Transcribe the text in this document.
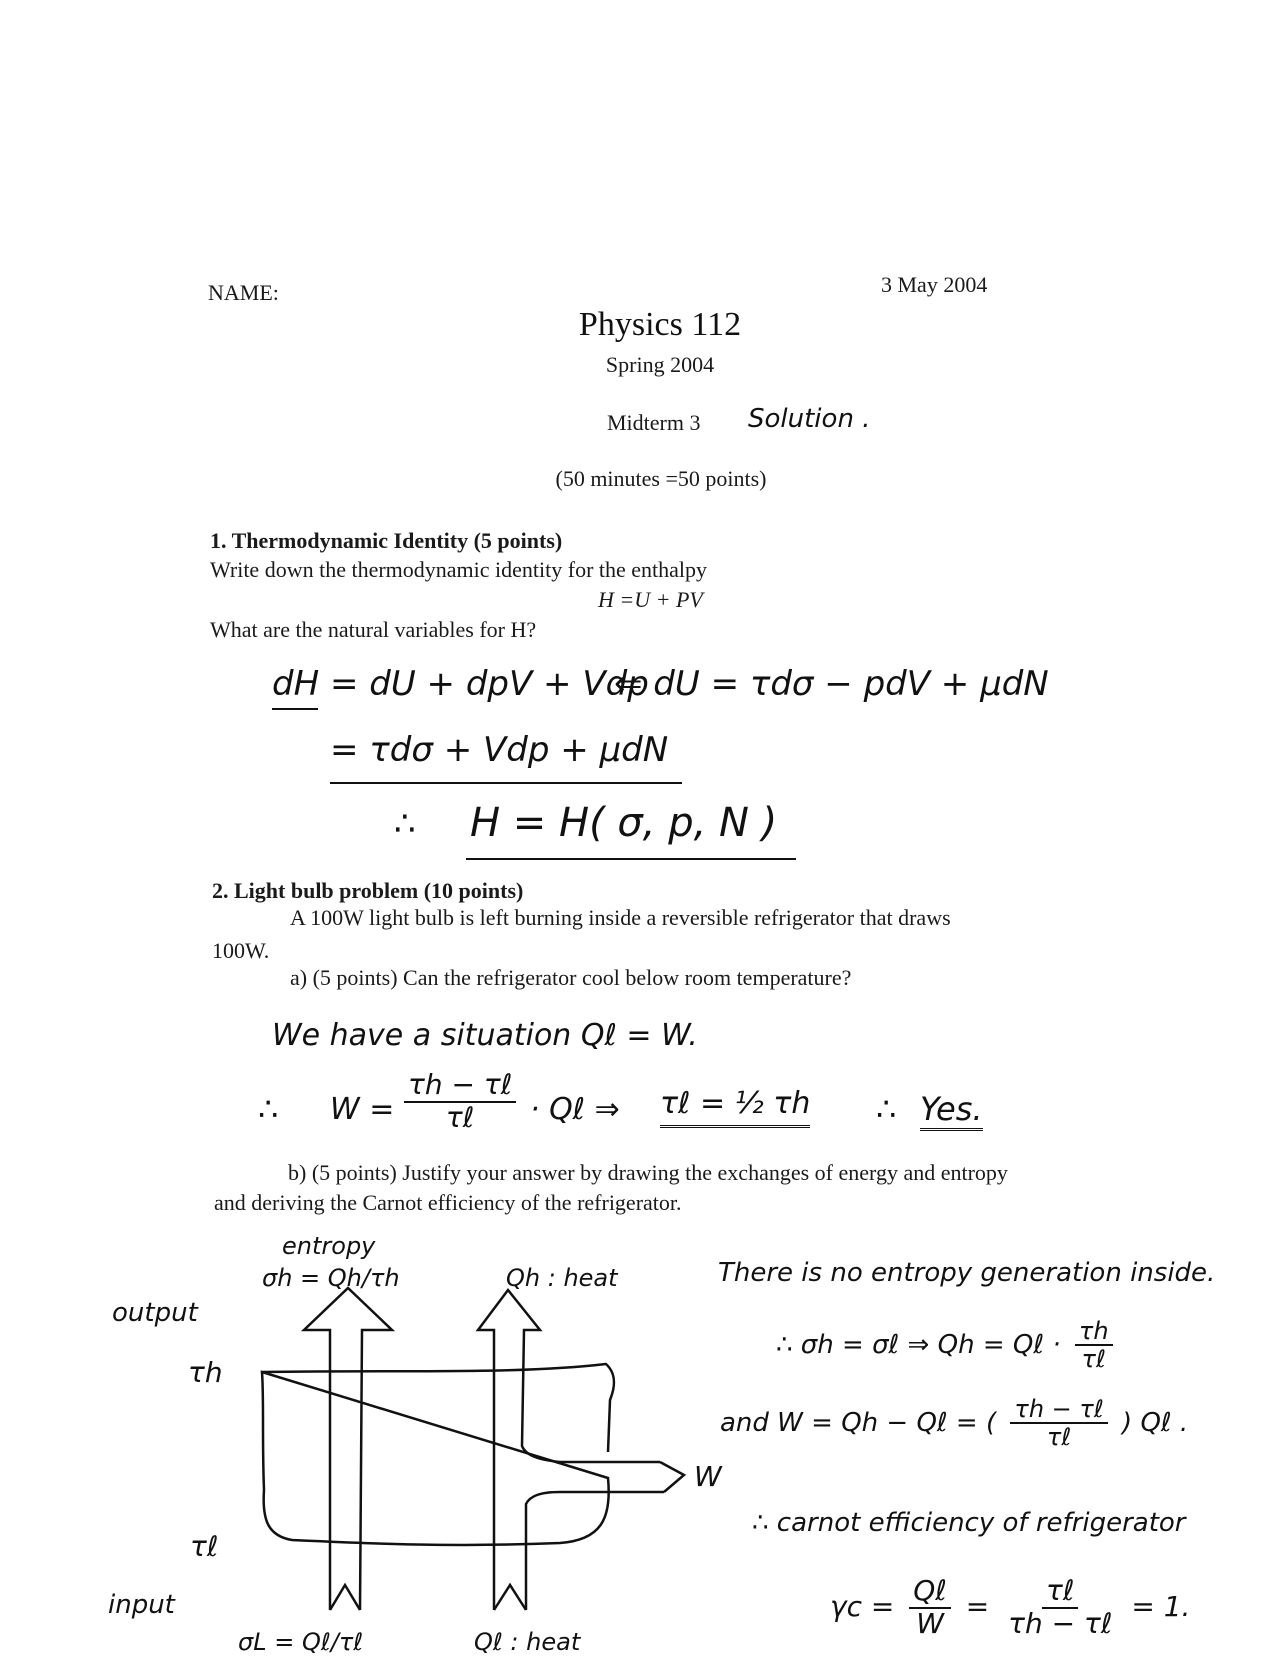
NAME:	3 May 2004
Physics 112
Spring 2004
Midterm 3 Solution .
(50 minutes =50 points)
1. Thermodynamic Identity (5 points)
Write down the thermodynamic identity for the enthalpy
H =U + PV
What are the natural variables for H?
dH = dU + dpV + Vdp
⇐ dU = τdσ − pdV + μdN
= τdσ + Vdp + μdN
∴ H = H( σ, p, N )
2. Light bulb problem (10 points)
A 100W light bulb is left burning inside a reversible refrigerator that draws
100W.
a) (5 points) Can the refrigerator cool below room temperature?
We have a situation Qℓ = W.
∴ $W = \frac{\text{τh − τℓ}}{\text{τℓ}}$ · Qℓ ⇒ τℓ = ½ τh ∴ Yes.
b) (5 points) Justify your answer by drawing the exchanges of energy and entropy
and deriving the Carnot efficiency of the refrigerator.
entropy
σh = Qh/τh	Qh : heat
output
τh
τℓ
input
W
σL = Qℓ/τℓ	Qℓ : heat
There is no entropy generation inside.
∴ σh = σℓ ⇒ Qh = Qℓ · $\frac{\tau h}{\text{τℓ}}$
and W = Qh − Qℓ = ( $\frac{\text{τh − τℓ}}{\text{τℓ}}$ ) Qℓ .
∴ carnot efficiency of refrigerator
$\gamma c = \frac{\text{Qℓ}}{W} = \frac{\text{τℓ}}{\text{τh − τℓ}} = 1$.
